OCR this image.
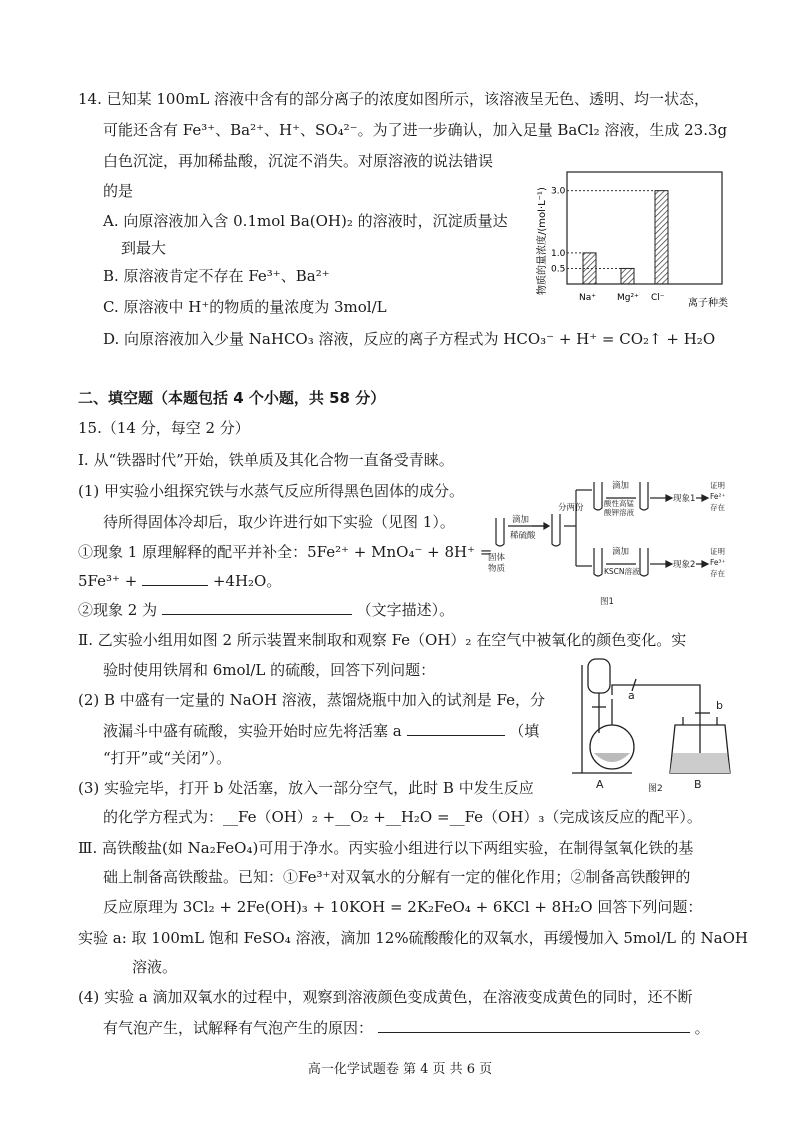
14. 已知某 100mL 溶液中含有的部分离子的浓度如图所示，该溶液呈无色、透明、均一状态，
可能还含有 Fe³⁺、Ba²⁺、H⁺、SO₄²⁻。为了进一步确认，加入足量 BaCl₂ 溶液，生成 23.3g
白色沉淀，再加稀盐酸，沉淀不消失。对原溶液的说法错误
的是
A. 向原溶液加入含 0.1mol Ba(OH)₂ 的溶液时，沉淀质量达
到最大
B. 原溶液肯定不存在 Fe³⁺、Ba²⁺
C. 原溶液中 H⁺的物质的量浓度为 3mol/L
D. 向原溶液加入少量 NaHCO₃ 溶液，反应的离子方程式为 HCO₃⁻ + H⁺ = CO₂↑ + H₂O
物质的量浓度/(mol·L⁻¹)
Na⁺ Mg²⁺ Cl⁻
0.5
1.0
3.0
离子种类
二、填空题（本题包括 4 个小题，共 58 分）
15.（14 分，每空 2 分）
Ⅰ. 从“铁器时代”开始，铁单质及其化合物一直备受青睐。
(1) 甲实验小组探究铁与水蒸气反应所得黑色固体的成分。
待所得固体冷却后，取少许进行如下实验（见图 1）。
①现象 1 原理解释的配平并补全：5Fe²⁺ + MnO₄⁻ + 8H⁺ =
5Fe³⁺ +	+4H₂O。
②现象 2 为	（文字描述）。
固体
物质
滴加
稀硫酸
分两份
滴加
酸性高锰
酸钾溶液
滴加
KSCN溶液
现象1
现象2
证明
Fe²⁺
存在
证明
Fe³⁺
存在
图1
Ⅱ. 乙实验小组用如图 2 所示装置来制取和观察 Fe（OH）₂ 在空气中被氧化的颜色变化。实
验时使用铁屑和 6mol/L 的硫酸，回答下列问题：
(2) B 中盛有一定量的 NaOH 溶液，蒸馏烧瓶中加入的试剂是 Fe，分
液漏斗中盛有硫酸，实验开始时应先将活塞 a	（填
“打开”或“关闭”）。
a
b
A	B
图2
(3) 实验完毕，打开 b 处活塞，放入一部分空气，此时 B 中发生反应
的化学方程式为：__Fe（OH）₂ +__O₂ +__H₂O =__Fe（OH）₃（完成该反应的配平）。
Ⅲ. 高铁酸盐(如 Na₂FeO₄)可用于净水。丙实验小组进行以下两组实验，在制得氢氧化铁的基
础上制备高铁酸盐。已知：①Fe³⁺对双氧水的分解有一定的催化作用；②制备高铁酸钾的
反应原理为 3Cl₂ + 2Fe(OH)₃ + 10KOH = 2K₂FeO₄ + 6KCl + 8H₂O 回答下列问题：
实验 a: 取 100mL 饱和 FeSO₄ 溶液，滴加 12%硫酸酸化的双氧水，再缓慢加入 5mol/L 的 NaOH
溶液。
(4) 实验 a 滴加双氧水的过程中，观察到溶液颜色变成黄色，在溶液变成黄色的同时，还不断
有气泡产生，试解释有气泡产生的原因：	。
高一化学试题卷 第 4 页 共 6 页
